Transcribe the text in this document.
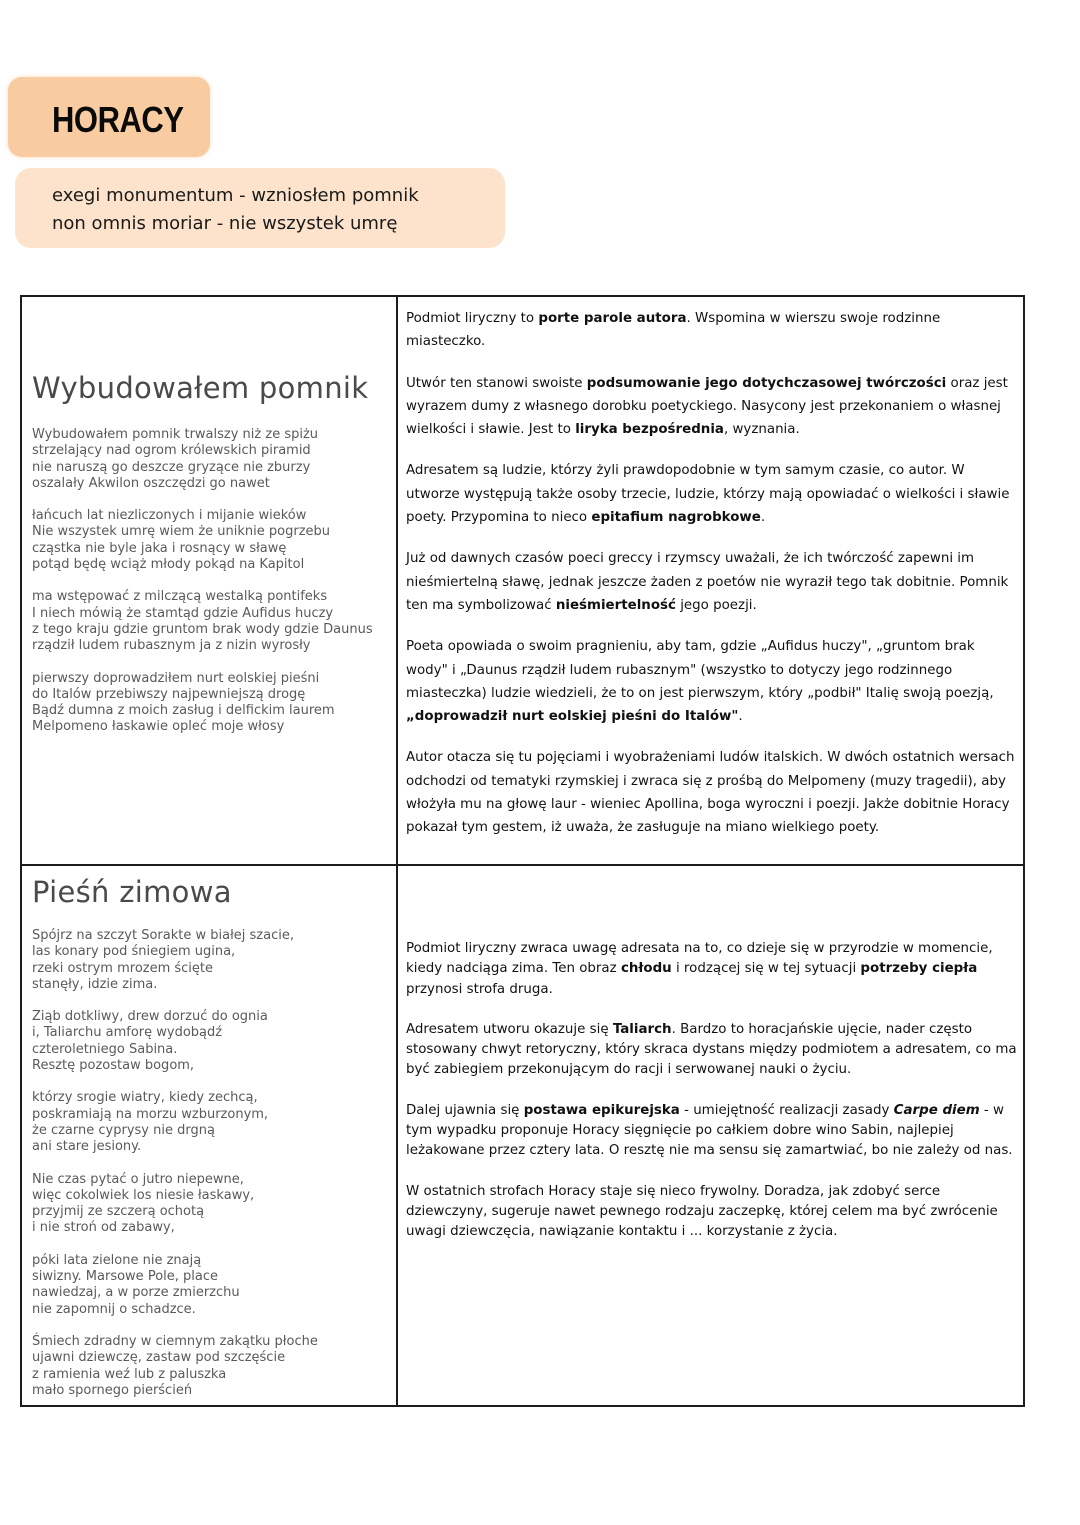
HORACY
exegi monumentum - wzniosłem pomnik
non omnis moriar - nie wszystek umrę
Wybudowałem pomnik
Wybudowałem pomnik trwalszy niż ze spiżu
strzelający nad ogrom królewskich piramid
nie naruszą go deszcze gryzące nie zburzy
oszalały Akwilon oszczędzi go nawet
łańcuch lat niezliczonych i mijanie wieków
Nie wszystek umrę wiem że uniknie pogrzebu
cząstka nie byle jaka i rosnący w sławę
potąd będę wciąż młody pokąd na Kapitol
ma wstępować z milczącą westalką pontifeks
I niech mówią że stamtąd gdzie Aufidus huczy
z tego kraju gdzie gruntom brak wody gdzie Daunus
rządził ludem rubasznym ja z nizin wyrosły
pierwszy doprowadziłem nurt eolskiej pieśni
do Italów przebiwszy najpewniejszą drogę
Bądź dumna z moich zasług i delfickim laurem
Melpomeno łaskawie opleć moje włosy

Podmiot liryczny to porte parole autora. Wspomina w wierszu swoje rodzinne miasteczko.

Utwór ten stanowi swoiste podsumowanie jego dotychczasowej twórczości oraz jest wyrazem dumy z własnego dorobku poetyckiego. Nasycony jest przekonaniem o własnej wielkości i sławie. Jest to liryka bezpośrednia, wyznania.

Adresatem są ludzie, którzy żyli prawdopodobnie w tym samym czasie, co autor. W utworze występują także osoby trzecie, ludzie, którzy mają opowiadać o wielkości i sławie poety. Przypomina to nieco epitafium nagrobkowe.

Już od dawnych czasów poeci greccy i rzymscy uważali, że ich twórczość zapewni im nieśmiertelną sławę, jednak jeszcze żaden z poetów nie wyraził tego tak dobitnie. Pomnik ten ma symbolizować nieśmiertelność jego poezji.

Poeta opowiada o swoim pragnieniu, aby tam, gdzie „Aufidus huczy", „gruntom brak wody" i „Daunus rządził ludem rubasznym" (wszystko to dotyczy jego rodzinnego miasteczka) ludzie wiedzieli, że to on jest pierwszym, który „podbił" Italię swoją poezją, „doprowadził nurt eolskiej pieśni do Italów".

Autor otacza się tu pojęciami i wyobrażeniami ludów italskich. W dwóch ostatnich wersach odchodzi od tematyki rzymskiej i zwraca się z prośbą do Melpomeny (muzy tragedii), aby włożyła mu na głowę laur - wieniec Apollina, boga wyroczni i poezji. Jakże dobitnie Horacy pokazał tym gestem, iż uważa, że zasługuje na miano wielkiego poety.

Pieśń zimowa
Spójrz na szczyt Sorakte w białej szacie,
las konary pod śniegiem ugina,
rzeki ostrym mrozem ścięte
stanęły, idzie zima.
Ziąb dotkliwy, drew dorzuć do ognia
i, Taliarchu amforę wydobądź
czteroletniego Sabina.
Resztę pozostaw bogom,
którzy srogie wiatry, kiedy zechcą,
poskramiają na morzu wzburzonym,
że czarne cyprysy nie drgną
ani stare jesiony.
Nie czas pytać o jutro niepewne,
więc cokolwiek los niesie łaskawy,
przyjmij ze szczerą ochotą
i nie stroń od zabawy,
póki lata zielone nie znają
siwizny. Marsowe Pole, place
nawiedzaj, a w porze zmierzchu
nie zapomnij o schadzce.
Śmiech zdradny w ciemnym zakątku płoche
ujawni dziewczę, zastaw pod szczęście
z ramienia weź lub z paluszka
mało spornego pierścień

Podmiot liryczny zwraca uwagę adresata na to, co dzieje się w przyrodzie w momencie, kiedy nadciąga zima. Ten obraz chłodu i rodzącej się w tej sytuacji potrzeby ciepła przynosi strofa druga.

Adresatem utworu okazuje się Taliarch. Bardzo to horacjańskie ujęcie, nader często stosowany chwyt retoryczny, który skraca dystans między podmiotem a adresatem, co ma być zabiegiem przekonującym do racji i serwowanej nauki o życiu.

Dalej ujawnia się postawa epikurejska - umiejętność realizacji zasady Carpe diem - w tym wypadku proponuje Horacy sięgnięcie po całkiem dobre wino Sabin, najlepiej leżakowane przez cztery lata. O resztę nie ma sensu się zamartwiać, bo nie zależy od nas.

W ostatnich strofach Horacy staje się nieco frywolny. Doradza, jak zdobyć serce dziewczyny, sugeruje nawet pewnego rodzaju zaczepkę, której celem ma być zwrócenie uwagi dziewczęcia, nawiązanie kontaktu i ... korzystanie z życia.
